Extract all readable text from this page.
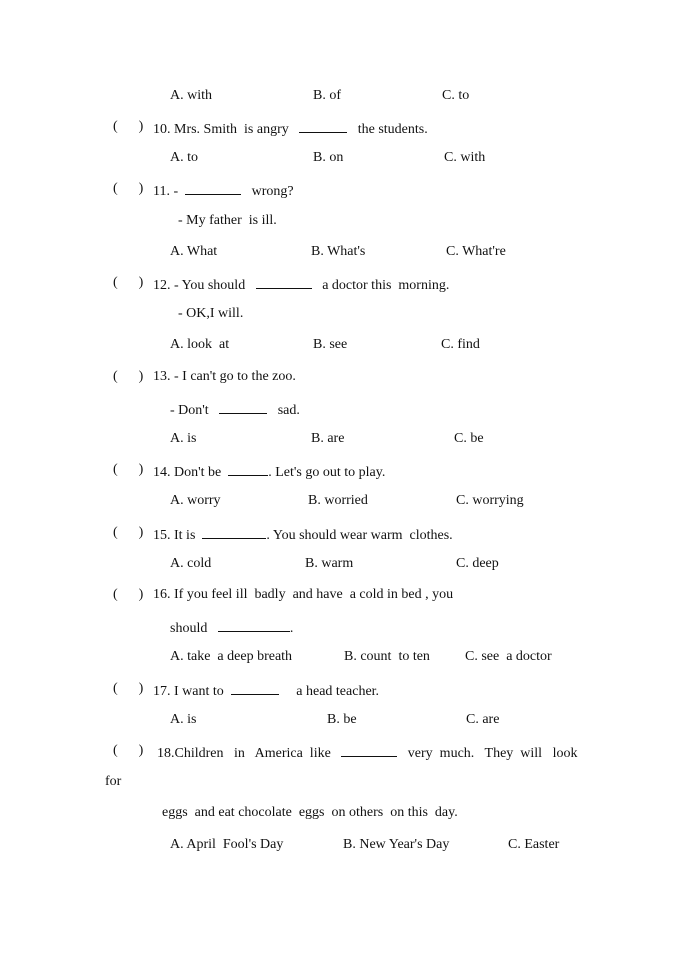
A. with	B. of	C. to
(      ) 10. Mrs. Smith  is angry	the students.
A. to	B. on	C. with
(      ) 11. -	wrong?
- My father  is ill.
A. What	B. What's	C. What're
(      ) 12. - You should	a doctor this  morning.
- OK,I will.
A. look  at	B. see	C. find
(      ) 13. - I can't go to the zoo.
- Don't	sad.
A. is	B. are	C. be
(      ) 14. Don't be	. Let's go out to play.
A. worry	B. worried	C. worrying
(      ) 15. It is	. You should wear warm  clothes.
A. cold	B. warm	C. deep
(      ) 16. If you feel ill  badly  and have  a cold in bed , you
should	.
A. take  a deep breath	B. count  to ten	C. see  a doctor
(      ) 17. I want to	a head teacher.
A. is	B. be	C. are
(      ) 18.Children   in   America  like	very  much.   They  will   look
for
eggs  and eat chocolate  eggs  on others  on this  day.
A. April  Fool's Day	B. New Year's Day	C. Easter
